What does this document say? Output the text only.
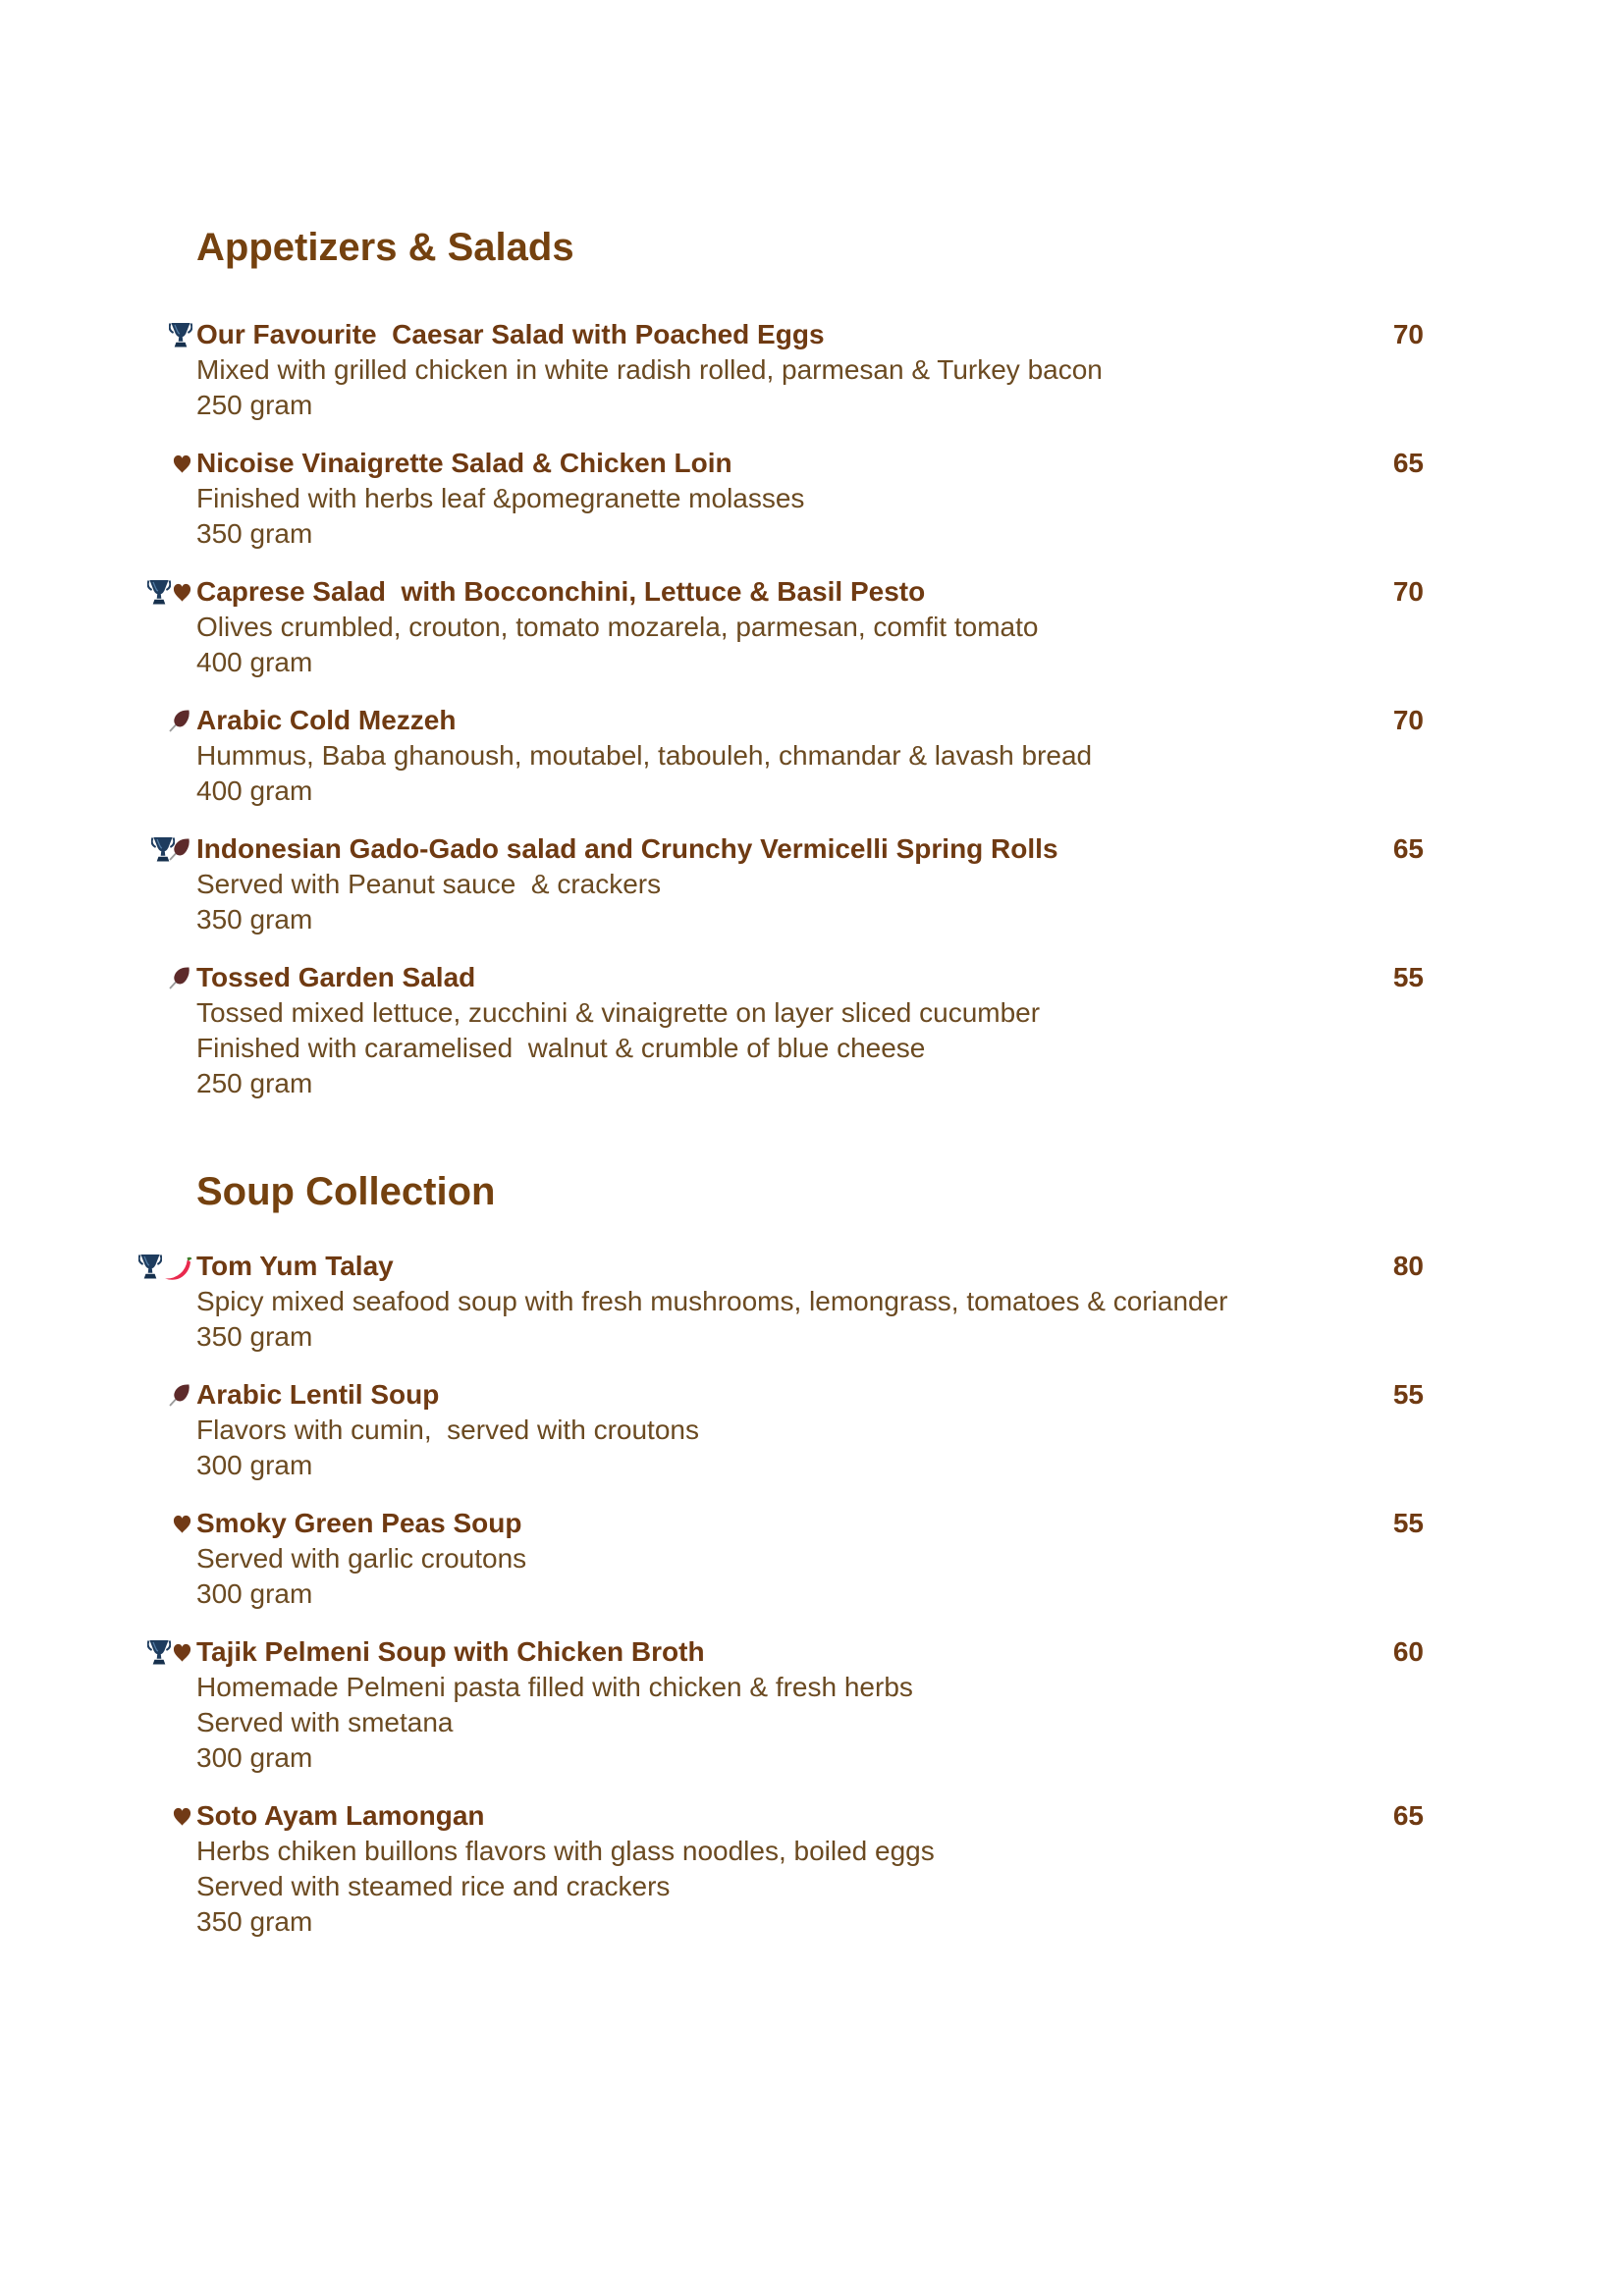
Appetizers & Salads
Our Favourite  Caesar Salad with Poached Eggs	70

Mixed with grilled chicken in white radish rolled, parmesan & Turkey bacon

250 gram

Nicoise Vinaigrette Salad & Chicken Loin	65

Finished with herbs leaf &pomegranette molasses

350 gram

Caprese Salad  with Bocconchini, Lettuce & Basil Pesto	70

Olives crumbled, crouton, tomato mozarela, parmesan, comfit tomato

400 gram

Arabic Cold Mezzeh	70

Hummus, Baba ghanoush, moutabel, tabouleh, chmandar & lavash bread

400 gram

Indonesian Gado-Gado salad and Crunchy Vermicelli Spring Rolls	65

Served with Peanut sauce  & crackers

350 gram

Tossed Garden Salad	55

Tossed mixed lettuce, zucchini & vinaigrette on layer sliced cucumber

Finished with caramelised  walnut & crumble of blue cheese

250 gram

Soup Collection
Tom Yum Talay	80

Spicy mixed seafood soup with fresh mushrooms, lemongrass, tomatoes & coriander

350 gram

Arabic Lentil Soup	55

Flavors with cumin,  served with croutons

300 gram

Smoky Green Peas Soup	55

Served with garlic croutons

300 gram

Tajik Pelmeni Soup with Chicken Broth	60

Homemade Pelmeni pasta filled with chicken & fresh herbs

Served with smetana

300 gram

Soto Ayam Lamongan	65

Herbs chiken buillons flavors with glass noodles, boiled eggs

Served with steamed rice and crackers

350 gram
